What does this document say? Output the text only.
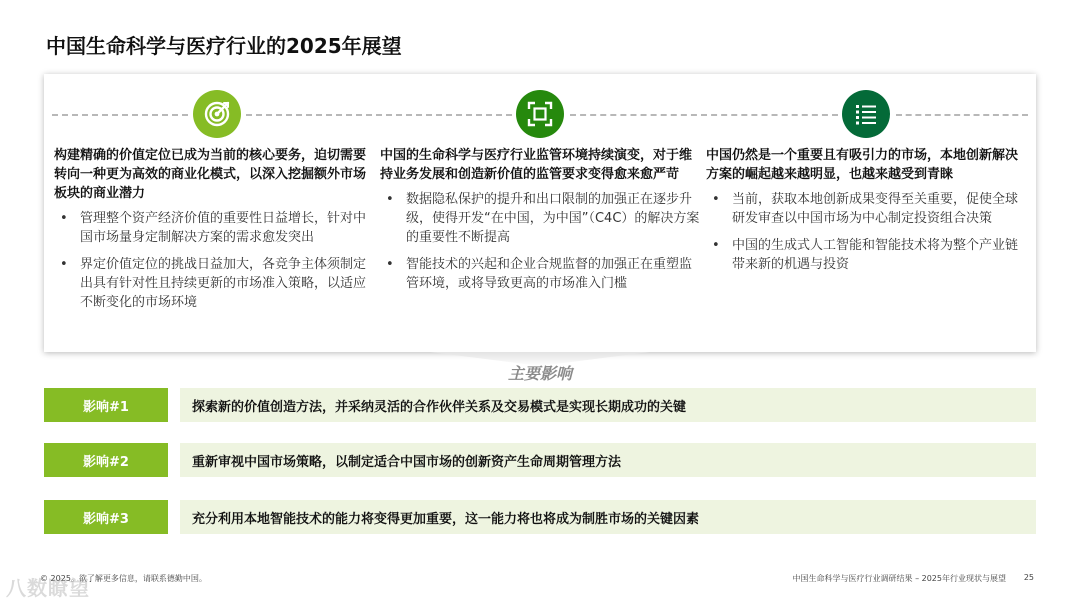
中国生命科学与医疗行业的2025年展望
构建精确的价值定位已成为当前的核心要务，迫切需要转向一种更为高效的商业化模式，以深入挖掘额外市场板块的商业潜力
• 管理整个资产经济价值的重要性日益增长，针对中国市场量身定制解决方案的需求愈发突出
• 界定价值定位的挑战日益加大，各竞争主体须制定出具有针对性且持续更新的市场准入策略，以适应不断变化的市场环境
中国的生命科学与医疗行业监管环境持续演变，对于维持业务发展和创造新价值的监管要求变得愈来愈严苛
• 数据隐私保护的提升和出口限制的加强正在逐步升级，使得开发“在中国，为中国”（C4C）的解决方案的重要性不断提高
• 智能技术的兴起和企业合规监督的加强正在重塑监管环境，或将导致更高的市场准入门槛
中国仍然是一个重要且有吸引力的市场，本地创新解决方案的崛起越来越明显，也越来越受到青睐
• 当前，获取本地创新成果变得至关重要，促使全球研发审查以中国市场为中心制定投资组合决策
• 中国的生成式人工智能和智能技术将为整个产业链带来新的机遇与投资
主要影响
影响#1	探索新的价值创造方法，并采纳灵活的合作伙伴关系及交易模式是实现长期成功的关键
影响#2	重新审视中国市场策略，以制定适合中国市场的创新资产生命周期管理方法
影响#3	充分利用本地智能技术的能力将变得更加重要，这一能力将也将成为制胜市场的关键因素
© 2025。欲了解更多信息，请联系德勤中国。	中国生命科学与医疗行业调研结果 – 2025年行业现状与展望 25
八数瞭望
